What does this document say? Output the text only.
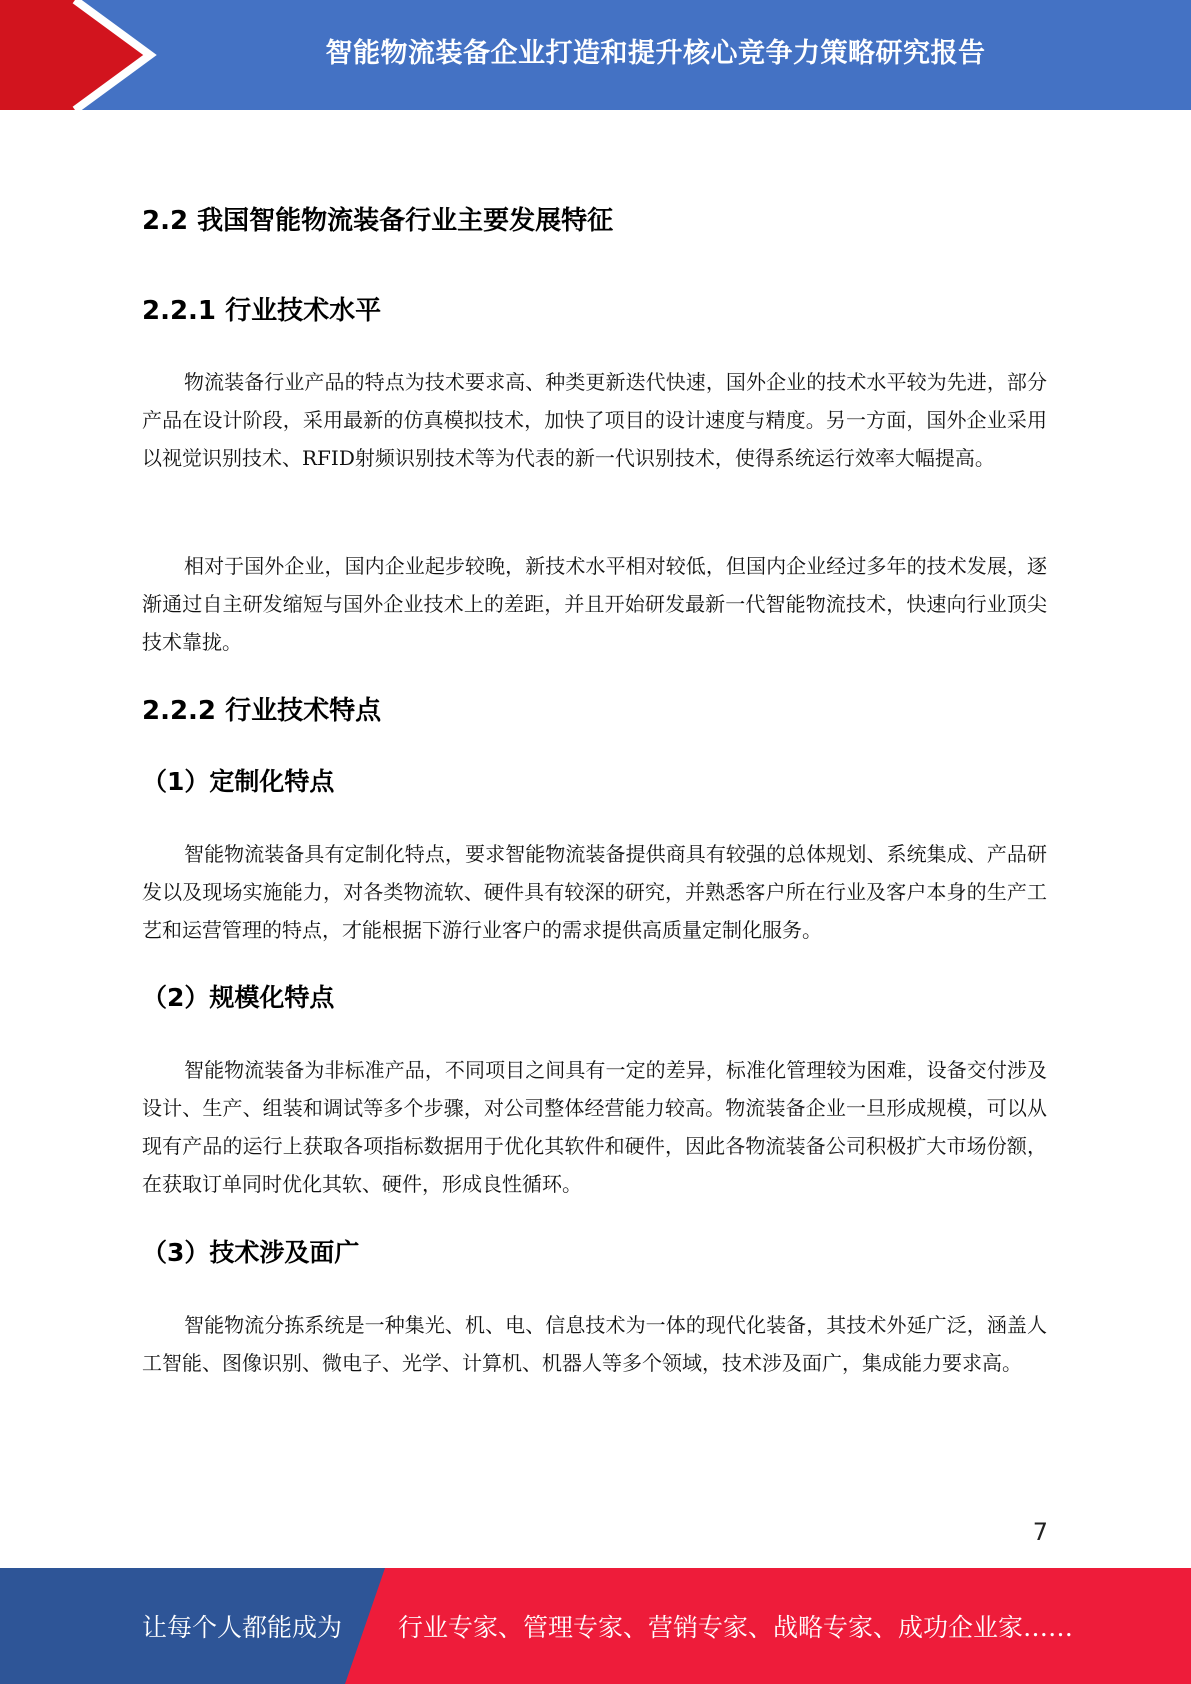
智能物流装备企业打造和提升核心竞争力策略研究报告
2.2 我国智能物流装备行业主要发展特征
2.2.1 行业技术水平
物流装备行业产品的特点为技术要求高、种类更新迭代快速，国外企业的技术水平较为先进，部分产品在设计阶段，采用最新的仿真模拟技术，加快了项目的设计速度与精度。另一方面，国外企业采用以视觉识别技术、RFID射频识别技术等为代表的新一代识别技术，使得系统运行效率大幅提高。
相对于国外企业，国内企业起步较晚，新技术水平相对较低，但国内企业经过多年的技术发展，逐渐通过自主研发缩短与国外企业技术上的差距，并且开始研发最新一代智能物流技术，快速向行业顶尖技术靠拢。
2.2.2 行业技术特点
（1）定制化特点
智能物流装备具有定制化特点，要求智能物流装备提供商具有较强的总体规划、系统集成、产品研发以及现场实施能力，对各类物流软、硬件具有较深的研究，并熟悉客户所在行业及客户本身的生产工艺和运营管理的特点，才能根据下游行业客户的需求提供高质量定制化服务。
（2）规模化特点
智能物流装备为非标准产品，不同项目之间具有一定的差异，标准化管理较为困难，设备交付涉及设计、生产、组装和调试等多个步骤，对公司整体经营能力较高。物流装备企业一旦形成规模，可以从现有产品的运行上获取各项指标数据用于优化其软件和硬件，因此各物流装备公司积极扩大市场份额，在获取订单同时优化其软、硬件，形成良性循环。
（3）技术涉及面广
智能物流分拣系统是一种集光、机、电、信息技术为一体的现代化装备，其技术外延广泛，涵盖人工智能、图像识别、微电子、光学、计算机、机器人等多个领域，技术涉及面广，集成能力要求高。
7
让每个人都能成为 行业专家、管理专家、营销专家、战略专家、成功企业家……
